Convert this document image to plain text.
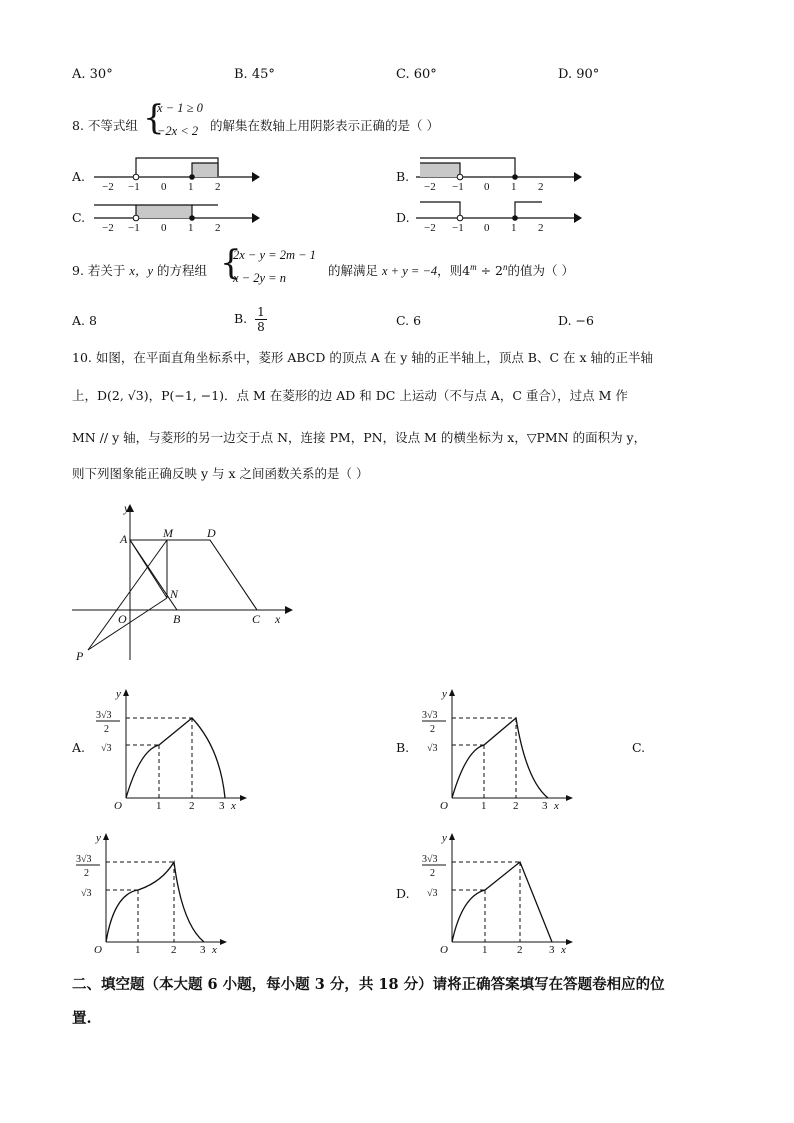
A. 30°	B. 45°	C. 60°	D. 90°
8. 不等式组 {
x − 1 ≥ 0
−2x < 2 的解集在数轴上用阴影表示正确的是（ ）
A.	B.
C.	D.
−2 −1 0 1 2
−2 −1 0 1 2
−2 −1 0 1 2
−2 −1 0 1 2
9. 若关于 x，y 的方程组 {
2x − y = 2m − 1
x − 2y = n	的解满足 x + y = −4，则$4^m \div 2^n$的值为（ ）
A. 8	B. $\frac{1}{8}$	C. 6	D. −6
10. 如图，在平面直角坐标系中，菱形 ABCD 的顶点 A 在 y 轴的正半轴上，顶点 B、C 在 x 轴的正半轴
上，D(2, √3)，P(−1, −1)．点 M 在菱形的边 AD 和 DC 上运动（不与点 A，C 重合），过点 M 作
MN // y 轴，与菱形的另一边交于点 N，连接 PM，PN，设点 M 的横坐标为 x，▽PMN 的面积为 y，
则下列图象能正确反映 y 与 x 之间函数关系的是（ ）
y
A	M	D
N
O	B	C x
P
A.	B.	C.
D.
y
3√3
2
√3
O	1	2 3 x
y
3√3
2
√3
O	1 2 3 x
y
3√3
2
√3
O	1	2 3 x
y
3√3
2
√3
O	1	2 3 x
二、填空题（本大题 6 小题，每小题 3 分，共 18 分）请将正确答案填写在答题卷相应的位
置.
